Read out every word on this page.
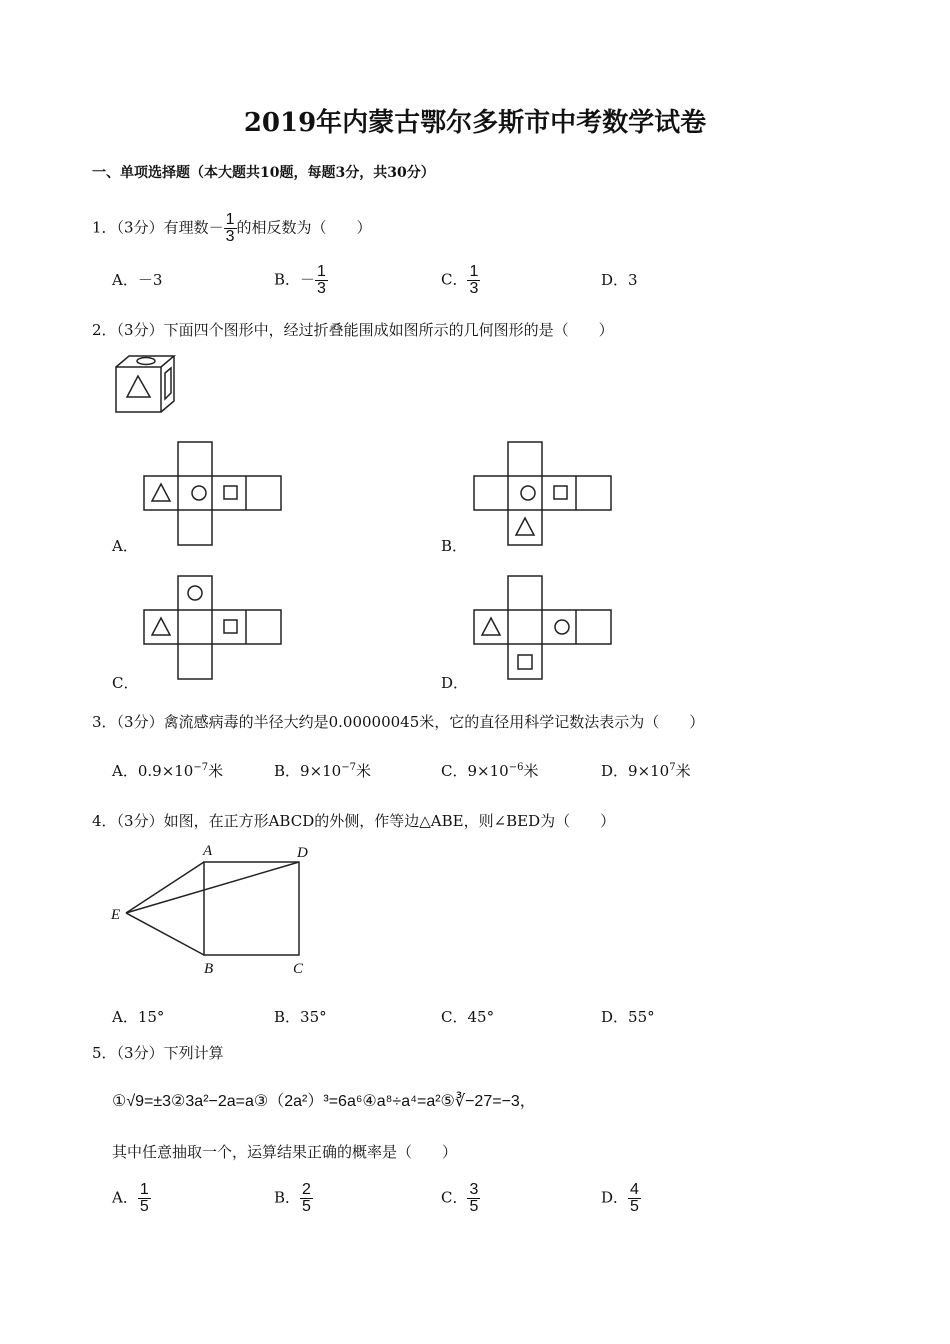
2019年内蒙古鄂尔多斯市中考数学试卷
一、单项选择题（本大题共10题，每题3分，共30分）
1．（3分）有理数－ $\frac{1}{3}$ 的相反数为（　　）
A．－3	B．－ $\frac{1}{3}$	C． $\frac{1}{3}$	D．3
2．（3分）下面四个图形中，经过折叠能围成如图所示的几何图形的是（　　）
A．	B．
C．	D．
3．（3分）禽流感病毒的半径大约是0.00000045米，它的直径用科学记数法表示为（　　）
A．$0.9\times 10^{-7}$米	B．$9\times 10^{-7}$米	C．$9\times 10^{-6}$米	D．$9\times 10^7$米
4．（3分）如图，在正方形ABCD的外侧，作等边△ABE，则∠BED为（　　）
A
B	C
D
E
A．15°	B．35°	C．45°	D．55°
5．（3分）下列计算
①√9=±3②3a²−2a=a③（2a²）³=6a⁶④a⁸÷a⁴=a²⑤∛−27=−3，
其中任意抽取一个，运算结果正确的概率是（　　）
A． $\frac{1}{5}$	B． $\frac{2}{5}$	C． $\frac{3}{5}$	D． $\frac{4}{5}$
